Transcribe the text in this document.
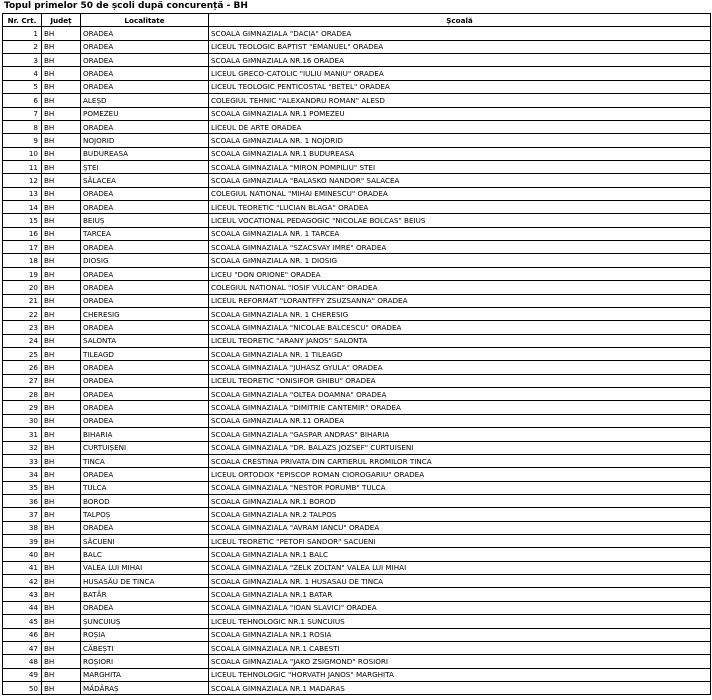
Topul primelor 50 de școli după concurență - BH
Nr. Crt.	Județ	Localitate	Școală
1	BH	ORADEA	SCOALA GIMNAZIALA "DACIA" ORADEA
2	BH	ORADEA	LICEUL TEOLOGIC BAPTIST "EMANUEL" ORADEA
3	BH	ORADEA	SCOALA GIMNAZIALA NR.16 ORADEA
4	BH	ORADEA	LICEUL GRECO-CATOLIC "IULIU MANIU" ORADEA
5	BH	ORADEA	LICEUL TEOLOGIC PENTICOSTAL "BETEL" ORADEA
6	BH	ALEȘD	COLEGIUL TEHNIC "ALEXANDRU ROMAN" ALESD
7	BH	POMEZEU	SCOALA GIMNAZIALA NR.1 POMEZEU
8	BH	ORADEA	LICEUL DE ARTE ORADEA
9	BH	NOJORID	SCOALA GIMNAZIALA NR. 1 NOJORID
10	BH	BUDUREASA	SCOALA GIMNAZIALA NR.1 BUDUREASA
11	BH	ȘTEI	SCOALA GIMNAZIALA "MIRON POMPILIU" STEI
12	BH	SĂLACEA	SCOALA GIMNAZIALA "BALASKO NANDOR" SALACEA
13	BH	ORADEA	COLEGIUL NATIONAL "MIHAI EMINESCU" ORADEA
14	BH	ORADEA	LICEUL TEORETIC "LUCIAN BLAGA" ORADEA
15	BH	BEIUȘ	LICEUL VOCATIONAL PEDAGOGIC "NICOLAE BOLCAS" BEIUS
16	BH	TARCEA	SCOALA GIMNAZIALA NR. 1 TARCEA
17	BH	ORADEA	SCOALA GIMNAZIALA "SZACSVAY IMRE" ORADEA
18	BH	DIOSIG	SCOALA GIMNAZIALA NR. 1 DIOSIG
19	BH	ORADEA	LICEU "DON ORIONE" ORADEA
20	BH	ORADEA	COLEGIUL NATIONAL "IOSIF VULCAN" ORADEA
21	BH	ORADEA	LICEUL REFORMAT "LORANTFFY ZSUZSANNA" ORADEA
22	BH	CHERESIG	SCOALA GIMNAZIALA NR. 1 CHERESIG
23	BH	ORADEA	SCOALA GIMNAZIALA "NICOLAE BALCESCU" ORADEA
24	BH	SALONTA	LICEUL TEORETIC "ARANY JANOS" SALONTA
25	BH	TILEAGD	SCOALA GIMNAZIALA NR. 1 TILEAGD
26	BH	ORADEA	SCOALA GIMNAZIALA "JUHASZ GYULA" ORADEA
27	BH	ORADEA	LICEUL TEORETIC "ONISIFOR GHIBU" ORADEA
28	BH	ORADEA	SCOALA GIMNAZIALA "OLTEA DOAMNA" ORADEA
29	BH	ORADEA	SCOALA GIMNAZIALA "DIMITRIE CANTEMIR" ORADEA
30	BH	ORADEA	SCOALA GIMNAZIALA NR.11 ORADEA
31	BH	BIHARIA	SCOALA GIMNAZIALA "GASPAR ANDRAS" BIHARIA
32	BH	CURTUIȘENI	SCOALA GIMNAZIALA "DR. BALAZS JOZSEF" CURTUISENI
33	BH	TINCA	SCOALA CRESTINA PRIVATA DIN CARTIERUL RROMILOR TINCA
34	BH	ORADEA	LICEUL ORTODOX "EPISCOP ROMAN CIOROGARIU" ORADEA
35	BH	TULCA	SCOALA GIMNAZIALA "NESTOR PORUMB" TULCA
36	BH	BOROD	SCOALA GIMNAZIALA NR.1 BOROD
37	BH	TALPOȘ	SCOALA GIMNAZIALA NR.2 TALPOS
38	BH	ORADEA	SCOALA GIMNAZIALA "AVRAM IANCU" ORADEA
39	BH	SĂCUENI	LICEUL TEORETIC "PETOFI SANDOR" SACUENI
40	BH	BALC	SCOALA GIMNAZIALA NR.1 BALC
41	BH	VALEA LUI MIHAI	SCOALA GIMNAZIALA "ZELK ZOLTAN" VALEA LUI MIHAI
42	BH	HUSASĂU DE TINCA	SCOALA GIMNAZIALA NR. 1 HUSASAU DE TINCA
43	BH	BATĂR	SCOALA GIMNAZIALA NR.1 BATAR
44	BH	ORADEA	SCOALA GIMNAZIALA "IOAN SLAVICI" ORADEA
45	BH	ȘUNCUIUȘ	LICEUL TEHNOLOGIC NR.1 SUNCUIUS
46	BH	ROȘIA	SCOALA GIMNAZIALA NR.1 ROSIA
47	BH	CĂBEȘTI	SCOALA GIMNAZIALA NR.1 CABESTI
48	BH	ROȘIORI	SCOALA GIMNAZIALA "JAKO ZSIGMOND" ROSIORI
49	BH	MARGHITA	LICEUL TEHNOLOGIC "HORVATH JANOS" MARGHITA
50	BH	MĂDĂRAȘ	SCOALA GIMNAZIALA NR.1 MADARAS
